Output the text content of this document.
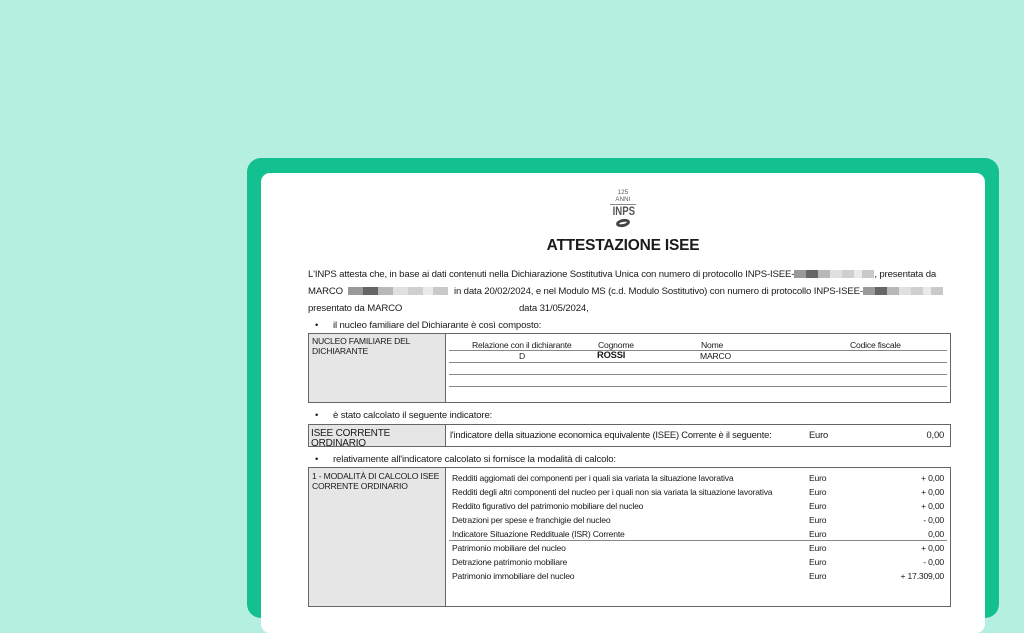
125 ANNI
INPS
ATTESTAZIONE ISEE
L'INPS attesta che, in base ai dati contenuti nella Dichiarazione Sostitutiva Unica con numero di protocollo INPS-ISEE-	, presentata da
MARCO	in data 20/02/2024, e nel Modulo MS (c.d. Modulo Sostitutivo) con numero di protocollo INPS-ISEE-
presentato da MARCO	data 31/05/2024,
• il nucleo familiare del Dichiarante è così composto:
NUCLEO FAMILIARE DEL DICHIARANTE
Relazione con il dichiarante	Cognome	Nome	Codice fiscale
D	ROSSI	MARCO
• è stato calcolato il seguente indicatore:
ISEE CORRENTE ORDINARIO
l'indicatore della situazione economica equivalente (ISEE) Corrente è il seguente:	Euro	0,00
• relativamente all'indicatore calcolato si fornisce la modalità di calcolo:
1 - MODALITÀ DI CALCOLO ISEE CORRENTE ORDINARIO
Redditi aggiomati dei componenti per i quali sia variata la situazione lavorativa	Euro	+ 0,00
Redditi degli altri componenti del nucleo per i quali non sia variata la situazione lavorativa	Euro	+ 0,00
Reddito figurativo del patrimonio mobiliare del nucleo	Euro	+ 0,00
Detrazioni per spese e franchigie del nucleo	Euro	- 0,00
Indicatore Situazione Reddituale (ISR) Corrente	Euro	0,00
Patrimonio mobiliare del nucleo	Euro	+ 0,00
Detrazione patrimonio mobiliare	Euro	- 0,00
Patrimonio immobiliare del nucleo	Euro	+ 17.309,00
